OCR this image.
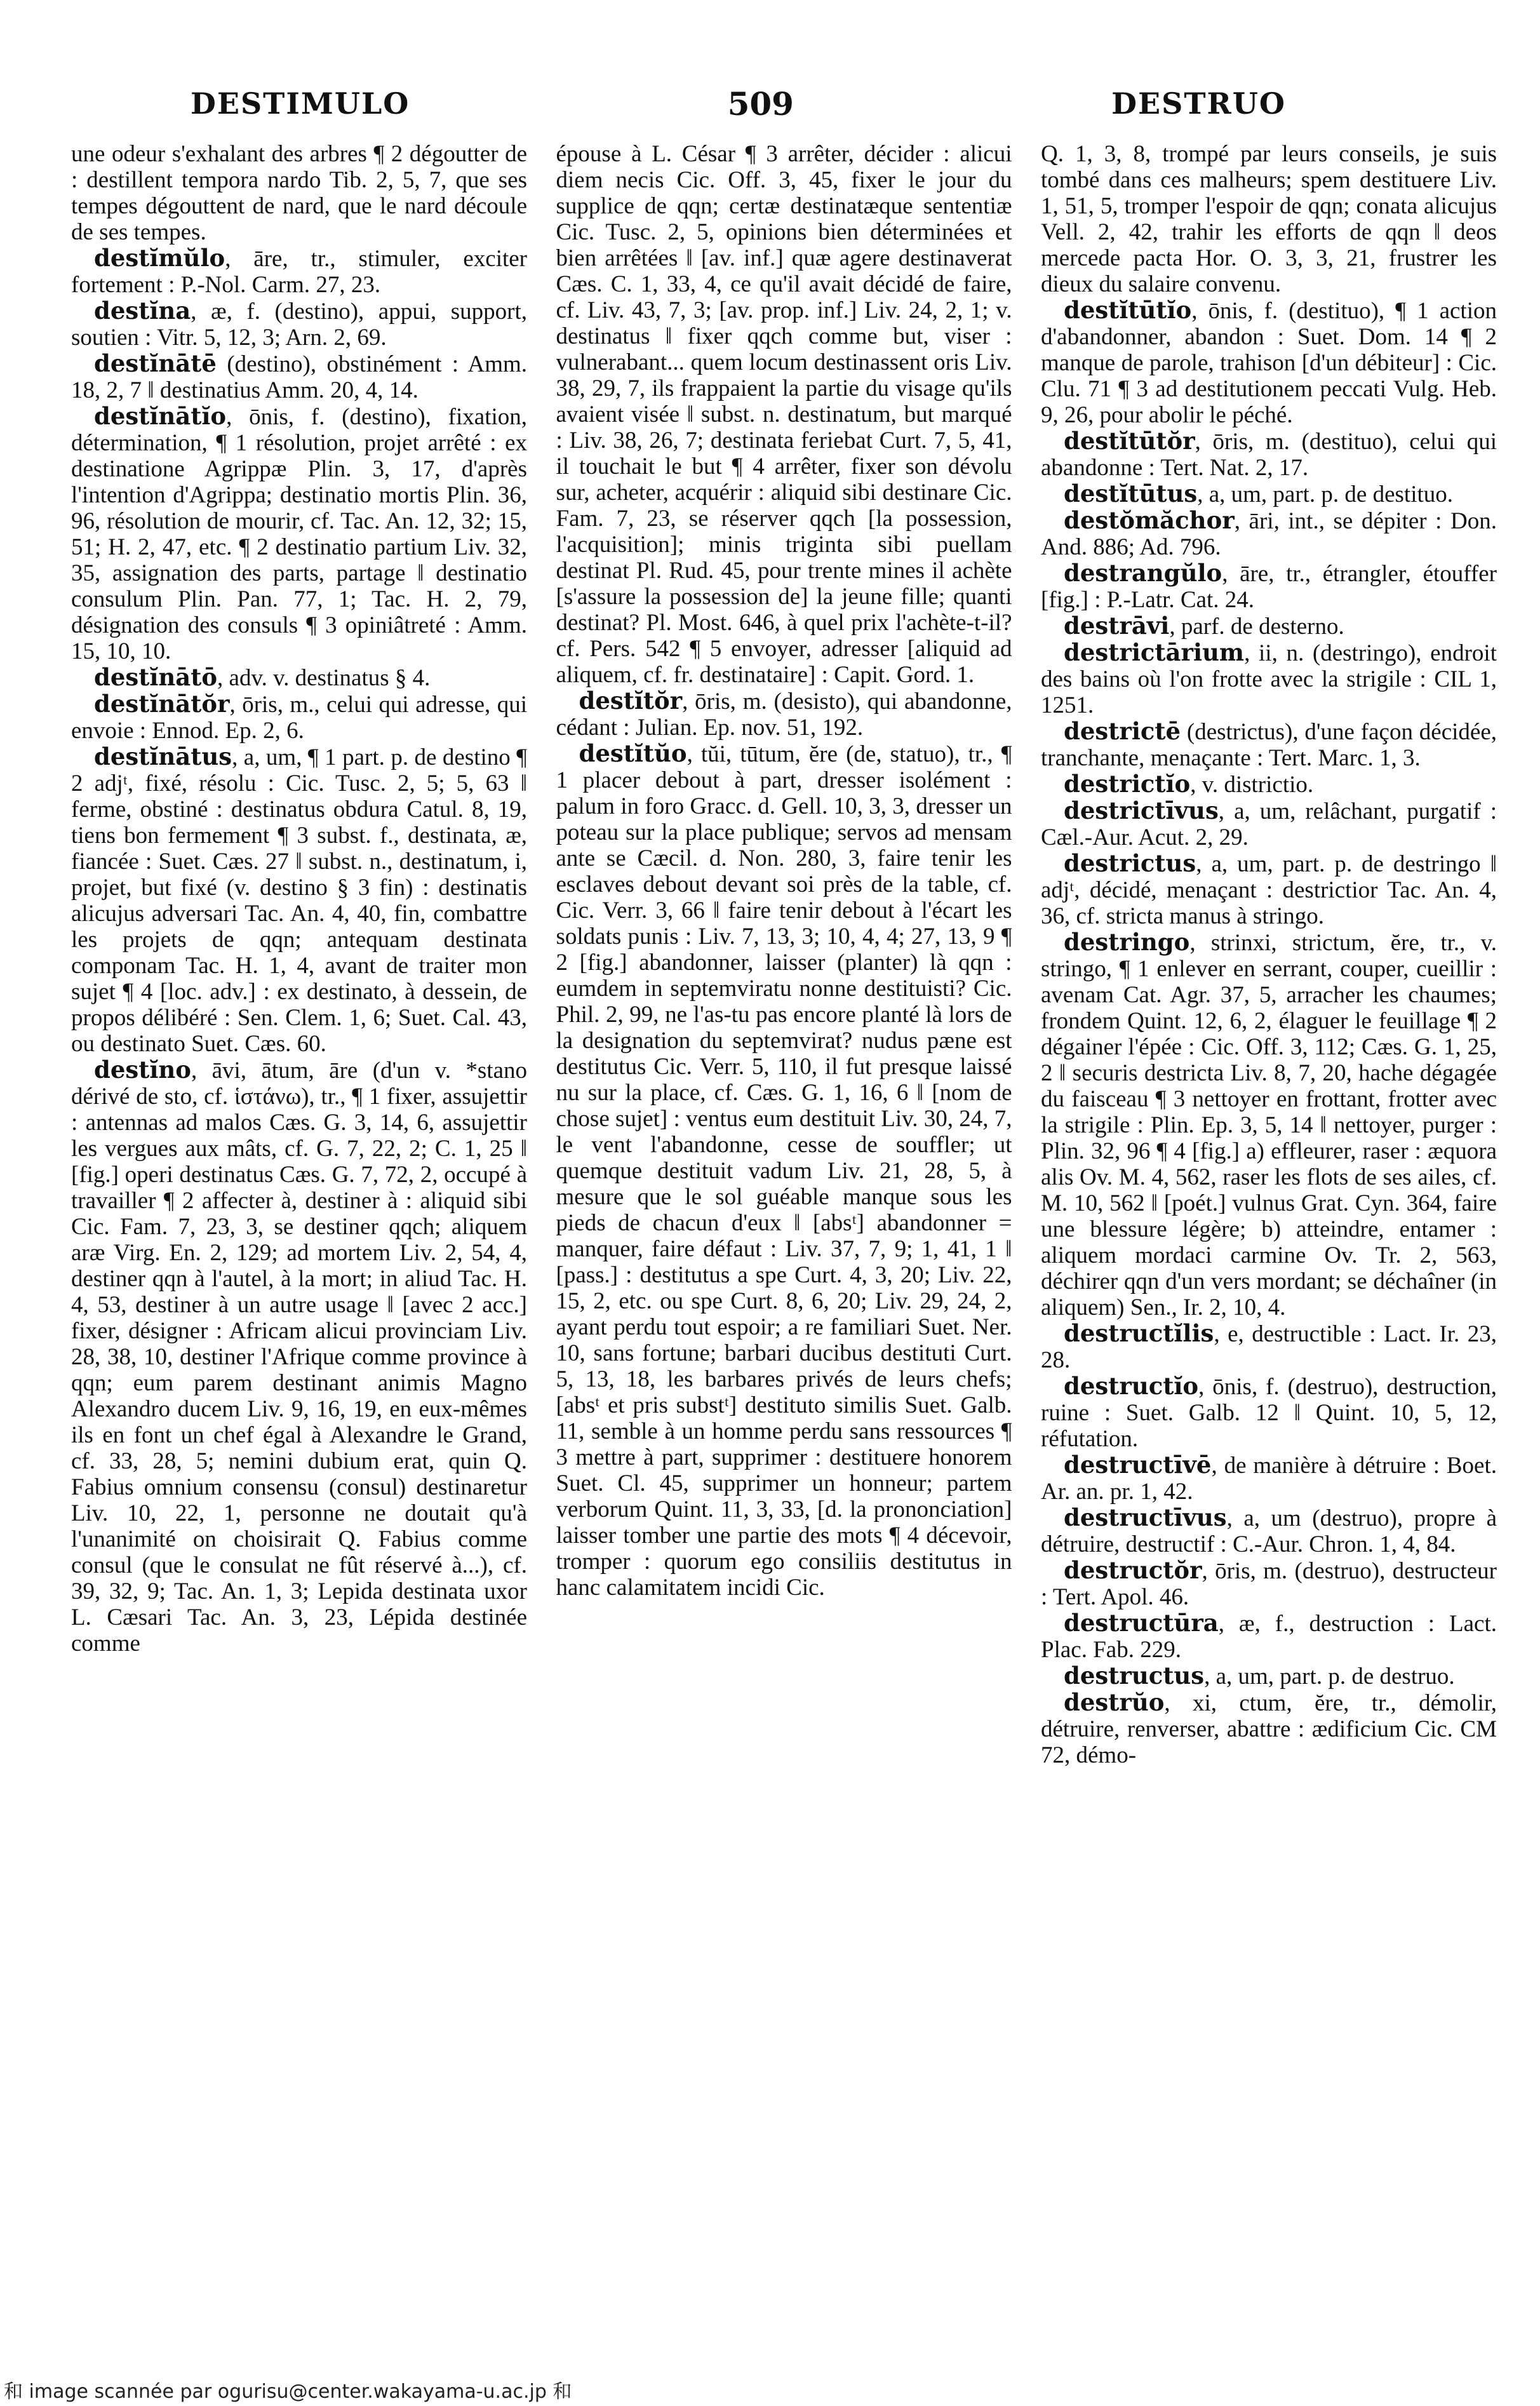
DESTIMULO	509	DESTRUO

une odeur s'exhalant des arbres ¶ 2 dégoutter de : destillent tempora nardo Tib. 2, 5, 7, que ses tempes dégouttent de nard, que le nard découle de ses tempes.

destĭmŭlo, āre, tr., stimuler, exciter fortement : P.-Nol. Carm. 27, 23.

destĭna, æ, f. (destino), appui, support, soutien : Vitr. 5, 12, 3; Arn. 2, 69.

destĭnātē (destino), obstinément : Amm. 18, 2, 7 ‖ destinatius Amm. 20, 4, 14.

destĭnātĭo, ōnis, f. (destino), fixation, détermination, ¶ 1 résolution, projet arrêté : ex destinatione Agrippæ Plin. 3, 17, d'après l'intention d'Agrippa; destinatio mortis Plin. 36, 96, résolution de mourir, cf. Tac. An. 12, 32; 15, 51; H. 2, 47, etc. ¶ 2 destinatio partium Liv. 32, 35, assignation des parts, partage ‖ destinatio consulum Plin. Pan. 77, 1; Tac. H. 2, 79, désignation des consuls ¶ 3 opiniâtreté : Amm. 15, 10, 10.

destĭnātō, adv. v. destinatus § 4.

destĭnātŏr, ōris, m., celui qui adresse, qui envoie : Ennod. Ep. 2, 6.

destĭnātus, a, um, ¶ 1 part. p. de destino ¶ 2 adjᵗ, fixé, résolu : Cic. Tusc. 2, 5; 5, 63 ‖ ferme, obstiné : destinatus obdura Catul. 8, 19, tiens bon fermement ¶ 3 subst. f., destinata, æ, fiancée : Suet. Cæs. 27 ‖ subst. n., destinatum, i, projet, but fixé (v. destino § 3 fin) : destinatis alicujus adversari Tac. An. 4, 40, fin, combattre les projets de qqn; antequam destinata componam Tac. H. 1, 4, avant de traiter mon sujet ¶ 4 [loc. adv.] : ex destinato, à dessein, de propos délibéré : Sen. Clem. 1, 6; Suet. Cal. 43, ou destinato Suet. Cæs. 60.

destĭno, āvi, ātum, āre (d'un v. *stano dérivé de sto, cf. ἱστάνω), tr., ¶ 1 fixer, assujettir : antennas ad malos Cæs. G. 3, 14, 6, assujettir les vergues aux mâts, cf. G. 7, 22, 2; C. 1, 25 ‖ [fig.] operi destinatus Cæs. G. 7, 72, 2, occupé à travailler ¶ 2 affecter à, destiner à : aliquid sibi Cic. Fam. 7, 23, 3, se destiner qqch; aliquem aræ Virg. En. 2, 129; ad mortem Liv. 2, 54, 4, destiner qqn à l'autel, à la mort; in aliud Tac. H. 4, 53, destiner à un autre usage ‖ [avec 2 acc.] fixer, désigner : Africam alicui provinciam Liv. 28, 38, 10, destiner l'Afrique comme province à qqn; eum parem destinant animis Magno Alexandro ducem Liv. 9, 16, 19, en eux-mêmes ils en font un chef égal à Alexandre le Grand, cf. 33, 28, 5; nemini dubium erat, quin Q. Fabius omnium consensu (consul) destinaretur Liv. 10, 22, 1, personne ne doutait qu'à l'unanimité on choisirait Q. Fabius comme consul (que le consulat ne fût réservé à...), cf. 39, 32, 9; Tac. An. 1, 3; Lepida destinata uxor L. Cæsari Tac. An. 3, 23, Lépida destinée comme

épouse à L. César ¶ 3 arrêter, décider : alicui diem necis Cic. Off. 3, 45, fixer le jour du supplice de qqn; certæ destinatæque sententiæ Cic. Tusc. 2, 5, opinions bien déterminées et bien arrêtées ‖ [av. inf.] quæ agere destinaverat Cæs. C. 1, 33, 4, ce qu'il avait décidé de faire, cf. Liv. 43, 7, 3; [av. prop. inf.] Liv. 24, 2, 1; v. destinatus ‖ fixer qqch comme but, viser : vulnerabant... quem locum destinassent oris Liv. 38, 29, 7, ils frappaient la partie du visage qu'ils avaient visée ‖ subst. n. destinatum, but marqué : Liv. 38, 26, 7; destinata feriebat Curt. 7, 5, 41, il touchait le but ¶ 4 arrêter, fixer son dévolu sur, acheter, acquérir : aliquid sibi destinare Cic. Fam. 7, 23, se réserver qqch [la possession, l'acquisition]; minis triginta sibi puellam destinat Pl. Rud. 45, pour trente mines il achète [s'assure la possession de] la jeune fille; quanti destinat? Pl. Most. 646, à quel prix l'achète-t-il? cf. Pers. 542 ¶ 5 envoyer, adresser [aliquid ad aliquem, cf. fr. destinataire] : Capit. Gord. 1.

destĭtŏr, ōris, m. (desisto), qui abandonne, cédant : Julian. Ep. nov. 51, 192.

destĭtŭo, tŭi, tūtum, ĕre (de, statuo), tr., ¶ 1 placer debout à part, dresser isolément : palum in foro Gracc. d. Gell. 10, 3, 3, dresser un poteau sur la place publique; servos ad mensam ante se Cæcil. d. Non. 280, 3, faire tenir les esclaves debout devant soi près de la table, cf. Cic. Verr. 3, 66 ‖ faire tenir debout à l'écart les soldats punis : Liv. 7, 13, 3; 10, 4, 4; 27, 13, 9 ¶ 2 [fig.] abandonner, laisser (planter) là qqn : eumdem in septemviratu nonne destituisti? Cic. Phil. 2, 99, ne l'as-tu pas encore planté là lors de la designation du septemvirat? nudus pæne est destitutus Cic. Verr. 5, 110, il fut presque laissé nu sur la place, cf. Cæs. G. 1, 16, 6 ‖ [nom de chose sujet] : ventus eum destituit Liv. 30, 24, 7, le vent l'abandonne, cesse de souffler; ut quemque destituit vadum Liv. 21, 28, 5, à mesure que le sol guéable manque sous les pieds de chacun d'eux ‖ [absᵗ] abandonner = manquer, faire défaut : Liv. 37, 7, 9; 1, 41, 1 ‖ [pass.] : destitutus a spe Curt. 4, 3, 20; Liv. 22, 15, 2, etc. ou spe Curt. 8, 6, 20; Liv. 29, 24, 2, ayant perdu tout espoir; a re familiari Suet. Ner. 10, sans fortune; barbari ducibus destituti Curt. 5, 13, 18, les barbares privés de leurs chefs; [absᵗ et pris substᵗ] destituto similis Suet. Galb. 11, semble à un homme perdu sans ressources ¶ 3 mettre à part, supprimer : destituere honorem Suet. Cl. 45, supprimer un honneur; partem verborum Quint. 11, 3, 33, [d. la prononciation] laisser tomber une partie des mots ¶ 4 décevoir, tromper : quorum ego consiliis destitutus in hanc calamitatem incidi Cic.

Q. 1, 3, 8, trompé par leurs conseils, je suis tombé dans ces malheurs; spem destituere Liv. 1, 51, 5, tromper l'espoir de qqn; conata alicujus Vell. 2, 42, trahir les efforts de qqn ‖ deos mercede pacta Hor. O. 3, 3, 21, frustrer les dieux du salaire convenu.

destĭtūtĭo, ōnis, f. (destituo), ¶ 1 action d'abandonner, abandon : Suet. Dom. 14 ¶ 2 manque de parole, trahison [d'un débiteur] : Cic. Clu. 71 ¶ 3 ad destitutionem peccati Vulg. Heb. 9, 26, pour abolir le péché.

destĭtūtŏr, ōris, m. (destituo), celui qui abandonne : Tert. Nat. 2, 17.

destĭtūtus, a, um, part. p. de destituo.

destŏmăchor, āri, int., se dépiter : Don. And. 886; Ad. 796.

destrangŭlo, āre, tr., étrangler, étouffer [fig.] : P.-Latr. Cat. 24.

destrāvi, parf. de desterno.

destrictārium, ii, n. (destringo), endroit des bains où l'on frotte avec la strigile : CIL 1, 1251.

destrictē (destrictus), d'une façon décidée, tranchante, menaçante : Tert. Marc. 1, 3.

destrictĭo, v. districtio.

destrictīvus, a, um, relâchant, purgatif : Cæl.-Aur. Acut. 2, 29.

destrictus, a, um, part. p. de destringo ‖ adjᵗ, décidé, menaçant : destrictior Tac. An. 4, 36, cf. stricta manus à stringo.

destringo, strinxi, strictum, ĕre, tr., v. stringo, ¶ 1 enlever en serrant, couper, cueillir : avenam Cat. Agr. 37, 5, arracher les chaumes; frondem Quint. 12, 6, 2, élaguer le feuillage ¶ 2 dégainer l'épée : Cic. Off. 3, 112; Cæs. G. 1, 25, 2 ‖ securis destricta Liv. 8, 7, 20, hache dégagée du faisceau ¶ 3 nettoyer en frottant, frotter avec la strigile : Plin. Ep. 3, 5, 14 ‖ nettoyer, purger : Plin. 32, 96 ¶ 4 [fig.] a) effleurer, raser : æquora alis Ov. M. 4, 562, raser les flots de ses ailes, cf. M. 10, 562 ‖ [poét.] vulnus Grat. Cyn. 364, faire une blessure légère; b) atteindre, entamer : aliquem mordaci carmine Ov. Tr. 2, 563, déchirer qqn d'un vers mordant; se déchaîner (in aliquem) Sen., Ir. 2, 10, 4.

destructĭlis, e, destructible : Lact. Ir. 23, 28.

destructĭo, ōnis, f. (destruo), destruction, ruine : Suet. Galb. 12 ‖ Quint. 10, 5, 12, réfutation.

destructīvē, de manière à détruire : Boet. Ar. an. pr. 1, 42.

destructīvus, a, um (destruo), propre à détruire, destructif : C.-Aur. Chron. 1, 4, 84.

destructŏr, ōris, m. (destruo), destructeur : Tert. Apol. 46.

destructūra, æ, f., destruction : Lact. Plac. Fab. 229.

destructus, a, um, part. p. de destruo.

destrŭo, xi, ctum, ĕre, tr., démolir, détruire, renverser, abattre : ædificium Cic. CM 72, démo-

和 image scannée par ogurisu@center.wakayama-u.ac.jp 和
